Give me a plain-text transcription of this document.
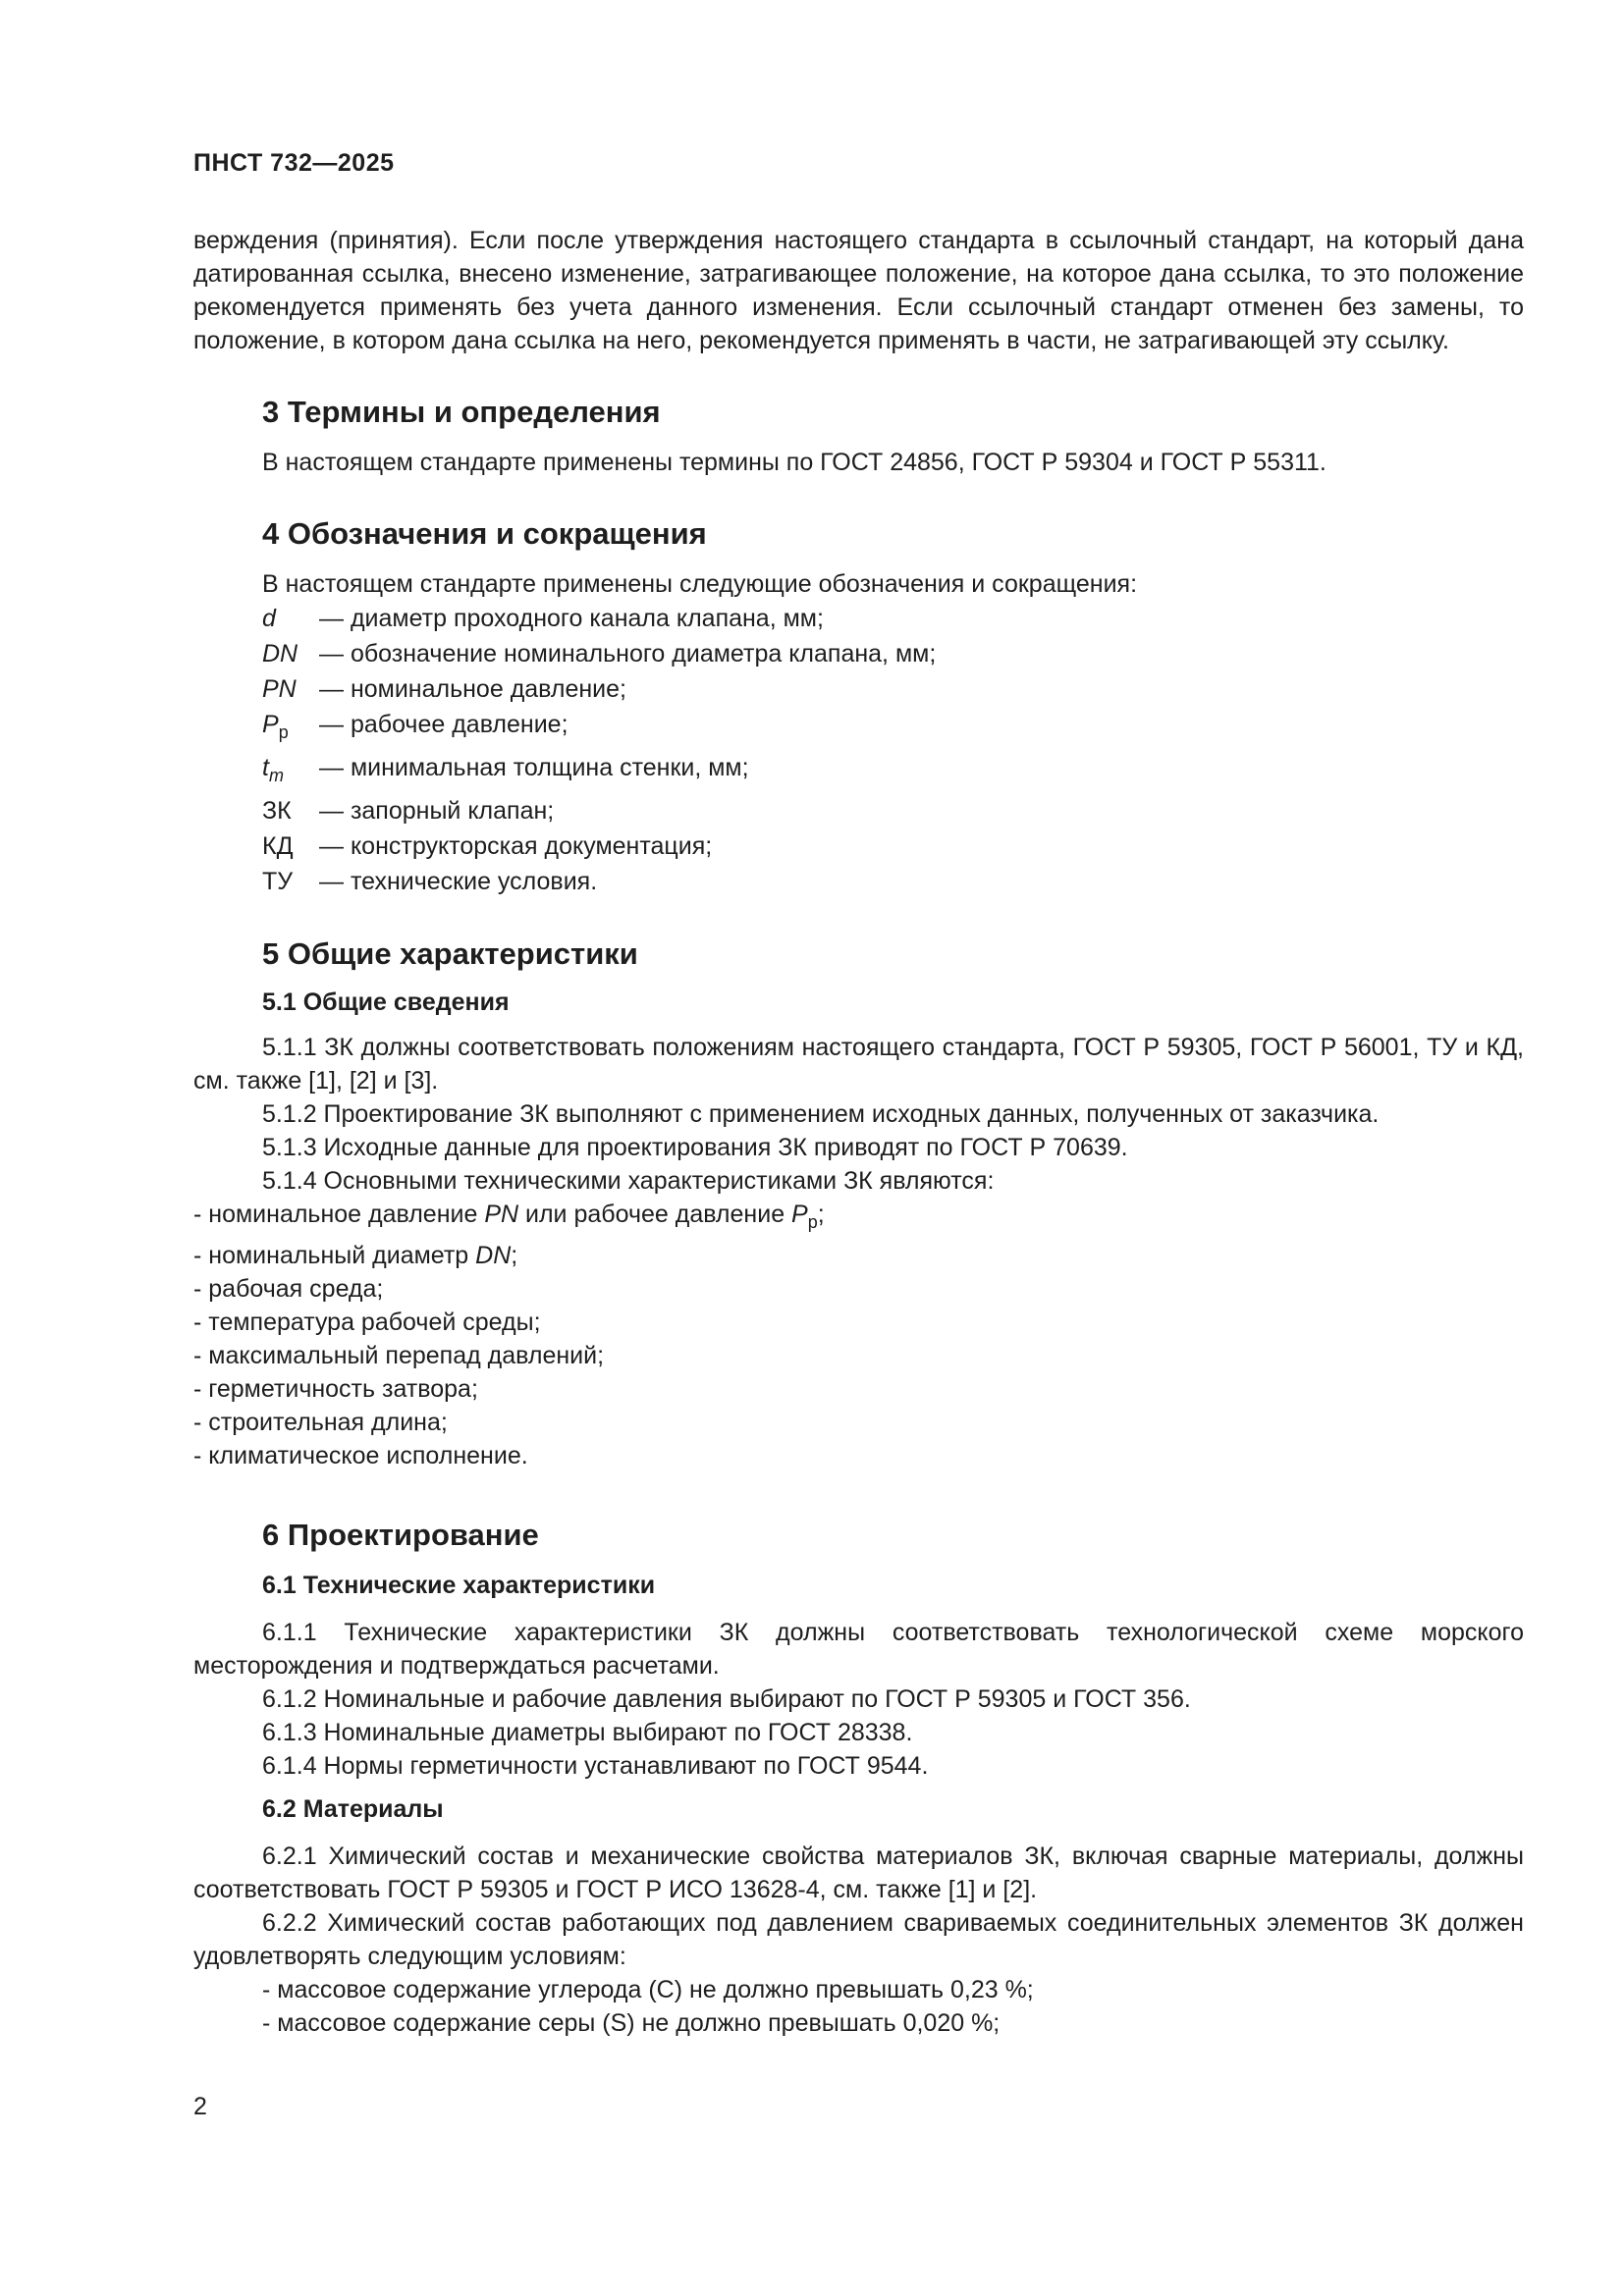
ПНСТ 732—2025

верждения (принятия). Если после утверждения настоящего стандарта в ссылочный стандарт, на который дана датированная ссылка, внесено изменение, затрагивающее положение, на которое дана ссылка, то это положение рекомендуется применять без учета данного изменения. Если ссылочный стандарт отменен без замены, то положение, в котором дана ссылка на него, рекомендуется применять в части, не затрагивающей эту ссылку.

3 Термины и определения

В настоящем стандарте применены термины по ГОСТ 24856, ГОСТ Р 59304 и ГОСТ Р 55311.

4 Обозначения и сокращения

В настоящем стандарте применены следующие обозначения и сокращения:

d	— диаметр проходного канала клапана, мм;
DN — обозначение номинального диаметра клапана, мм;
PN — номинальное давление;
$P_р$	— рабочее давление;
$t_m$	— минимальная толщина стенки, мм;
ЗК	— запорный клапан;
КД	— конструкторская документация;
ТУ	— технические условия.

5 Общие характеристики

5.1 Общие сведения

5.1.1 ЗК должны соответствовать положениям настоящего стандарта, ГОСТ Р 59305, ГОСТ Р 56001, ТУ и КД, см. также [1], [2] и [3].

5.1.2 Проектирование ЗК выполняют с применением исходных данных, полученных от заказчика.

5.1.3 Исходные данные для проектирования ЗК приводят по ГОСТ Р 70639.

5.1.4 Основными техническими характеристиками ЗК являются:

- номинальное давление PN или рабочее давление $P_р$;
- номинальный диаметр DN;
- рабочая среда;
- температура рабочей среды;
- максимальный перепад давлений;
- герметичность затвора;
- строительная длина;
- климатическое исполнение.

6 Проектирование

6.1 Технические характеристики

6.1.1 Технические характеристики ЗК должны соответствовать технологической схеме морского месторождения и подтверждаться расчетами.

6.1.2 Номинальные и рабочие давления выбирают по ГОСТ Р 59305 и ГОСТ 356.

6.1.3 Номинальные диаметры выбирают по ГОСТ 28338.

6.1.4 Нормы герметичности устанавливают по ГОСТ 9544.

6.2 Материалы

6.2.1 Химический состав и механические свойства материалов ЗК, включая сварные материалы, должны соответствовать ГОСТ Р 59305 и ГОСТ Р ИСО 13628-4, см. также [1] и [2].

6.2.2 Химический состав работающих под давлением свариваемых соединительных элементов ЗК должен удовлетворять следующим условиям:

- массовое содержание углерода (С) не должно превышать 0,23 %;
- массовое содержание серы (S) не должно превышать 0,020 %;
2
